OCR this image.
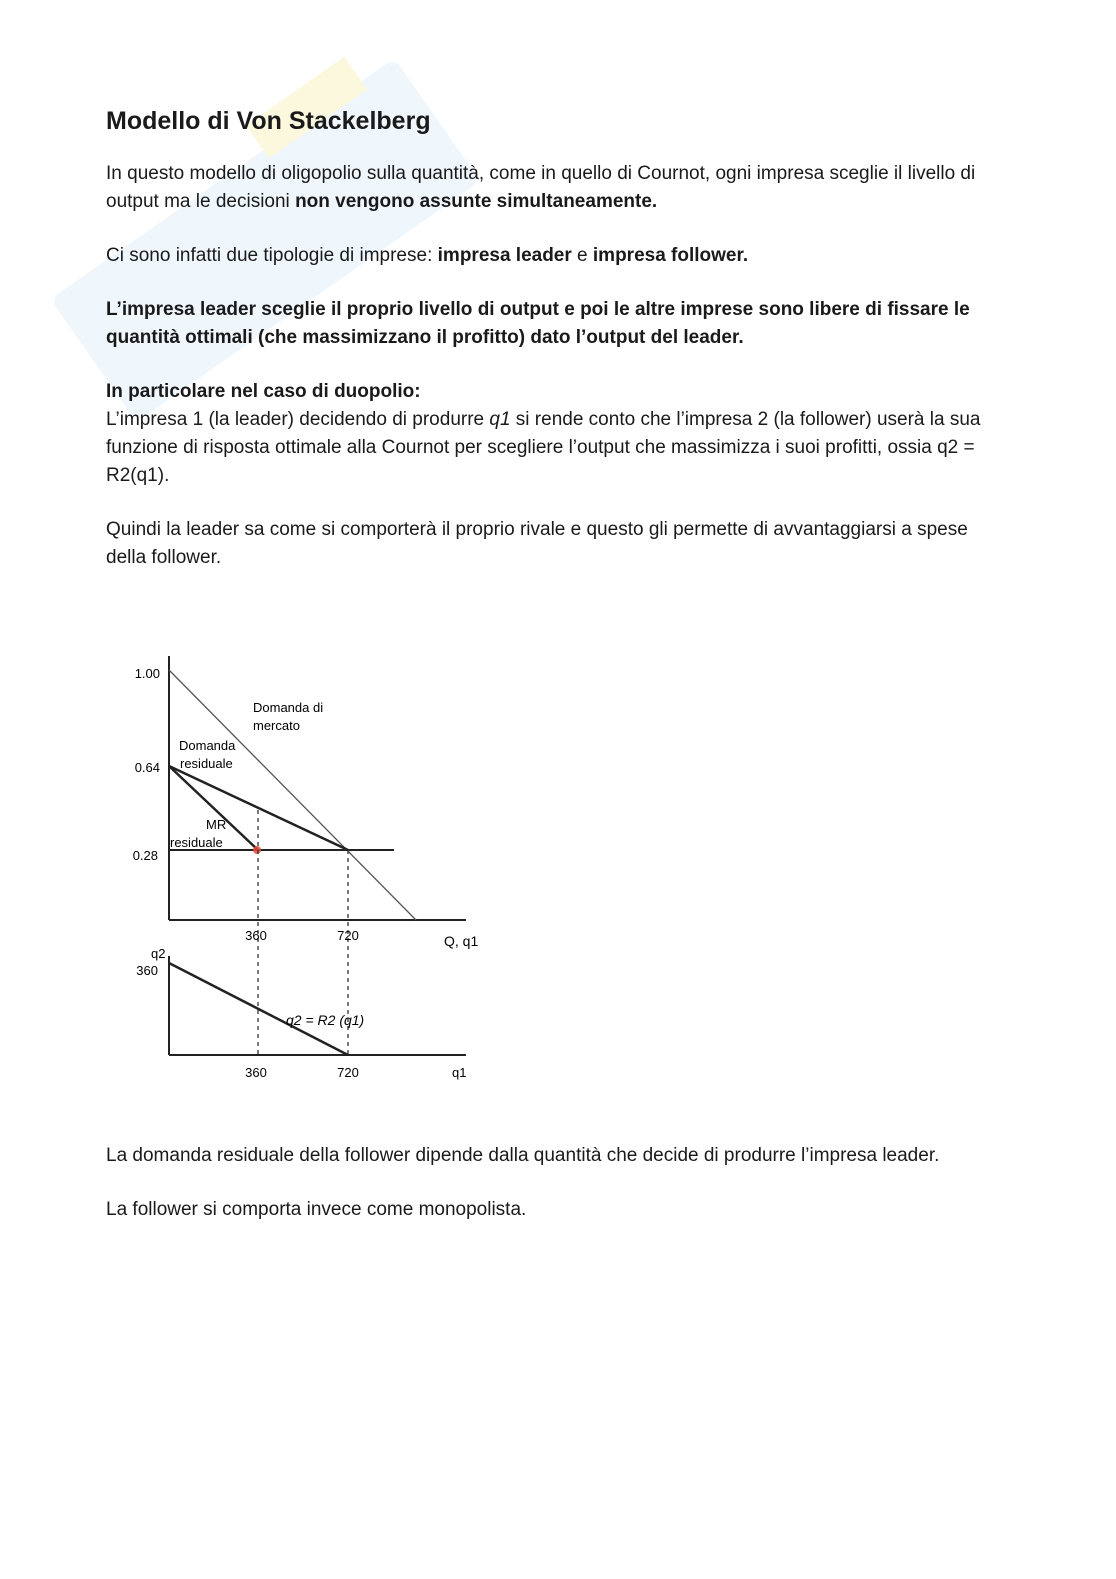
Modello di Von Stackelberg

In questo modello di oligopolio sulla quantità, come in quello di Cournot, ogni impresa sceglie il livello di output ma le decisioni non vengono assunte simultaneamente.

Ci sono infatti due tipologie di imprese: impresa leader e impresa follower.

L’impresa leader sceglie il proprio livello di output e poi le altre imprese sono libere di fissare le quantità ottimali (che massimizzano il profitto) dato l’output del leader.

In particolare nel caso di duopolio:
L’impresa 1 (la leader) decidendo di produrre q1 si rende conto che l’impresa 2 (la follower) userà la sua funzione di risposta ottimale alla Cournot per scegliere l’output che massimizza i suoi profitti, ossia q2 = R2(q1).

Quindi la leader sa come si comporterà il proprio rivale e questo gli permette di avvantaggiarsi a spese della follower.

1.00
0.64
0.28
Domanda di
mercato
Domanda
residuale
MR
residuale
360	720	Q, q1
q2
360
q2 = R2 (q1)
360	720	q1

La domanda residuale della follower dipende dalla quantità che decide di produrre l’impresa leader.

La follower si comporta invece come monopolista.
